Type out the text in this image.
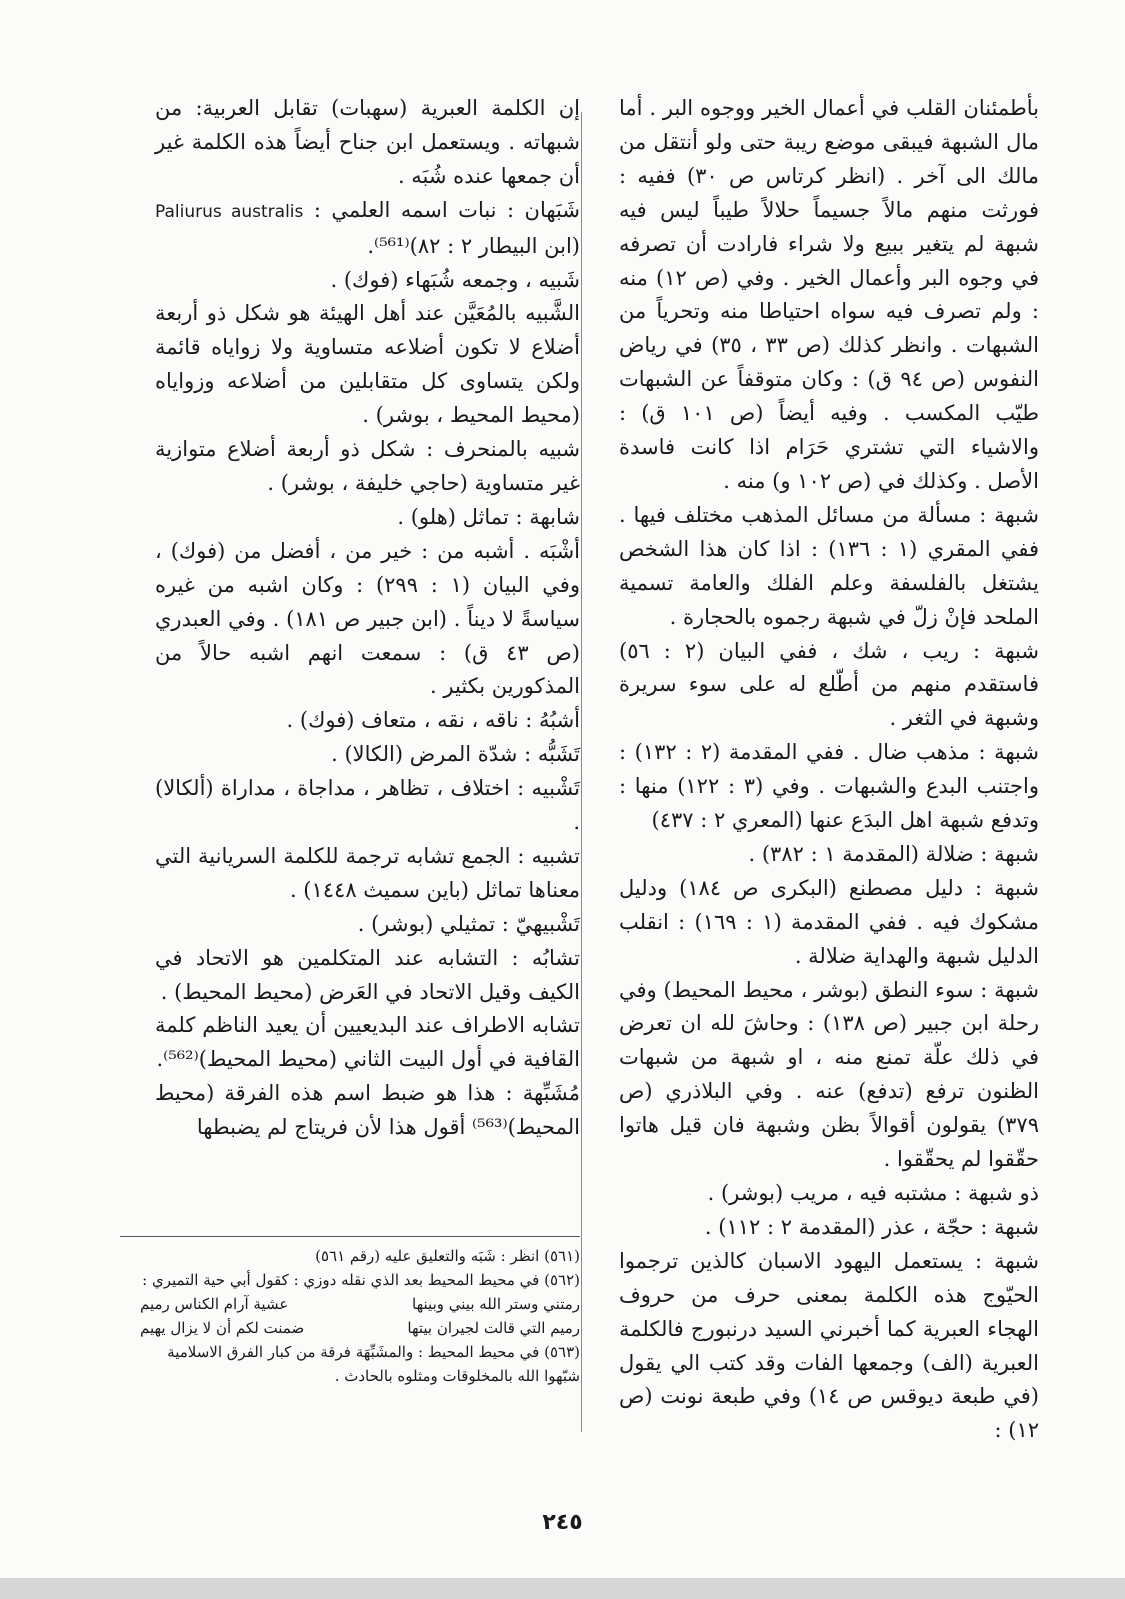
بأطمئنان القلب في أعمال الخير ووجوه البر . أما مال الشبهة فيبقى موضع ريبة حتى ولو أنتقل من مالك الى آخر . (انظر كرتاس ص ٣٠) ففيه : فورثت منهم مالاً جسيماً حلالاً طيباً ليس فيه شبهة لم يتغير ببيع ولا شراء فارادت أن تصرفه في وجوه البر وأعمال الخير . وفي (ص ١٢) منه : ولم تصرف فيه سواه احتياطا منه وتحرياً من الشبهات . وانظر كذلك (ص ٣٣ ، ٣٥) في رياض النفوس (ص ٩٤ ق) : وكان متوقفاً عن الشبهات طيّب المكسب . وفيه أيضاً (ص ١٠١ ق) : والاشياء التي تشتري حَرَام اذا كانت فاسدة الأصل . وكذلك في (ص ١٠٢ و) منه .

شبهة : مسألة من مسائل المذهب مختلف فيها . ففي المقري (١ : ١٣٦) : اذا كان هذا الشخص يشتغل بالفلسفة وعلم الفلك والعامة تسمية الملحد فإنْ زلّ في شبهة رجموه بالحجارة .

شبهة : ريب ، شك ، ففي البيان (٢ : ٥٦) فاستقدم منهم من أطّلع له على سوء سريرة وشبهة في الثغر .

شبهة : مذهب ضال . ففي المقدمة (٢ : ١٣٢) : واجتنب البدع والشبهات . وفي (٣ : ١٢٢) منها : وتدفع شبهة اهل البدَع عنها (المعري ٢ : ٤٣٧)

شبهة : ضلالة (المقدمة ١ : ٣٨٢) .

شبهة : دليل مصطنع (البكرى ص ١٨٤) ودليل مشكوك فيه . ففي المقدمة (١ : ١٦٩) : انقلب الدليل شبهة والهداية ضلالة .

شبهة : سوء النطق (بوشر ، محيط المحيط) وفي رحلة ابن جبير (ص ١٣٨) : وحاشَ لله ان تعرض في ذلك علّة تمنع منه ، او شبهة من شبهات الظنون ترفع (تدفع) عنه . وفي البلاذري (ص ٣٧٩) يقولون أقوالاً بظن وشبهة فان قيل هاتوا حقّقوا لم يحقّقوا .

ذو شبهة : مشتبه فيه ، مريب (بوشر) .

شبهة : حجّة ، عذر (المقدمة ٢ : ١١٢) .

شبهة : يستعمل اليهود الاسبان كالذين ترجموا الحيّوج هذه الكلمة بمعنى حرف من حروف الهجاء العبرية كما أخبرني السيد درنبورج فالكلمة العبرية (الف) وجمعها الفات وقد كتب الي يقول (في طبعة ديوقس ص ١٤) وفي طبعة نونت (ص ١٢) :

إن الكلمة العبرية (سهبات) تقابل العربية: من شبهاته . ويستعمل ابن جناح أيضاً هذه الكلمة غير أن جمعها عنده شُبَه .

شَبَهان : نبات اسمه العلمي : Paliurus australis (ابن البيطار ٢ : ٨٢)⁽⁵⁶¹⁾.

شَبيه ، وجمعه شُبَهاء (فوك) .

الشَّبيه بالمُعَيَّن عند أهل الهيئة هو شكل ذو أربعة أضلاع لا تكون أضلاعه متساوية ولا زواياه قائمة ولكن يتساوى كل متقابلين من أضلاعه وزواياه (محيط المحيط ، بوشر) .

شبيه بالمنحرف : شكل ذو أربعة أضلاع متوازية غير متساوية (حاجي خليفة ، بوشر) .

شابهة : تماثل (هلو) .

أشْبَه . أشبه من : خير من ، أفضل من (فوك) ، وفي البيان (١ : ٢٩٩) : وكان اشبه من غيره سياسةً لا ديناً . (ابن جبير ص ١٨١) . وفي العبدري (ص ٤٣ ق) : سمعت انهم اشبه حالاً من المذكورين بكثير .

أشبُهُ : ناقه ، نقه ، متعاف (فوك) .

تَشَبُّه : شدّة المرض (الكالا) .

تَشْبيه : اختلاف ، تظاهر ، مداجاة ، مداراة (ألكالا) .

تشبيه : الجمع تشابه ترجمة للكلمة السريانية التي معناها تماثل (باين سميث ١٤٤٨) .

تَشْبيهيّ : تمثيلي (بوشر) .

تشابُه : التشابه عند المتكلمين هو الاتحاد في الكيف وقيل الاتحاد في العَرض (محيط المحيط) .

تشابه الاطراف عند البديعيين أن يعيد الناظم كلمة القافية في أول البيت الثاني (محيط المحيط)⁽⁵⁶²⁾.

مُشَبِّهة : هذا هو ضبط اسم هذه الفرقة (محيط المحيط)⁽⁵⁶³⁾ أقول هذا لأن فريتاج لم يضبطها

(٥٦١) انظر : شَبَه والتعليق عليه (رقم ٥٦١)

(٥٦٢) في محيط المحيط بعد الذي نقله دوزي : كقول أبي حية التميري :

رمتني وستر الله بيني وبينها
عشية آرام الكناس رميم
رميم التي قالت لجيران بيتها
ضمنت لكم أن لا يزال يهيم

(٥٦٣) في محيط المحيط : والمشَبِّهَة فرقة من كبار الفرق الاسلامية شبّهوا الله بالمخلوقات ومثلوه بالحادث .

٢٤٥
